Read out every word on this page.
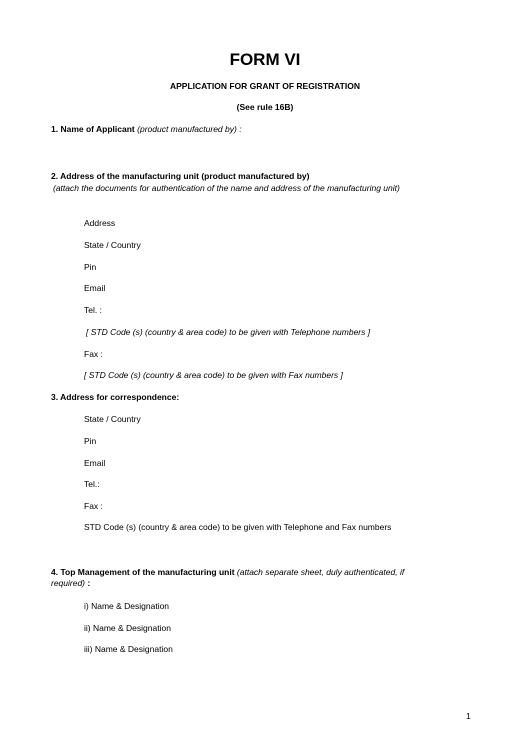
FORM VI
APPLICATION FOR GRANT OF REGISTRATION
(See rule 16B)
1. Name of Applicant (product manufactured by) :
2. Address of the manufacturing unit (product manufactured by)
(attach the documents for authentication of the name and address of the manufacturing unit)
Address
State / Country
Pin
Email
Tel. :
[ STD Code (s) (country & area code) to be given with Telephone numbers ]
Fax :
[ STD Code (s) (country & area code) to be given with Fax numbers ]
3. Address for correspondence:
State / Country
Pin
Email
Tel.:
Fax :
STD Code (s) (country & area code) to be given with Telephone and Fax numbers
4. Top Management of the manufacturing unit (attach separate sheet, duly authenticated, if
required) :
i) Name & Designation
ii) Name & Designation
iii) Name & Designation
1
